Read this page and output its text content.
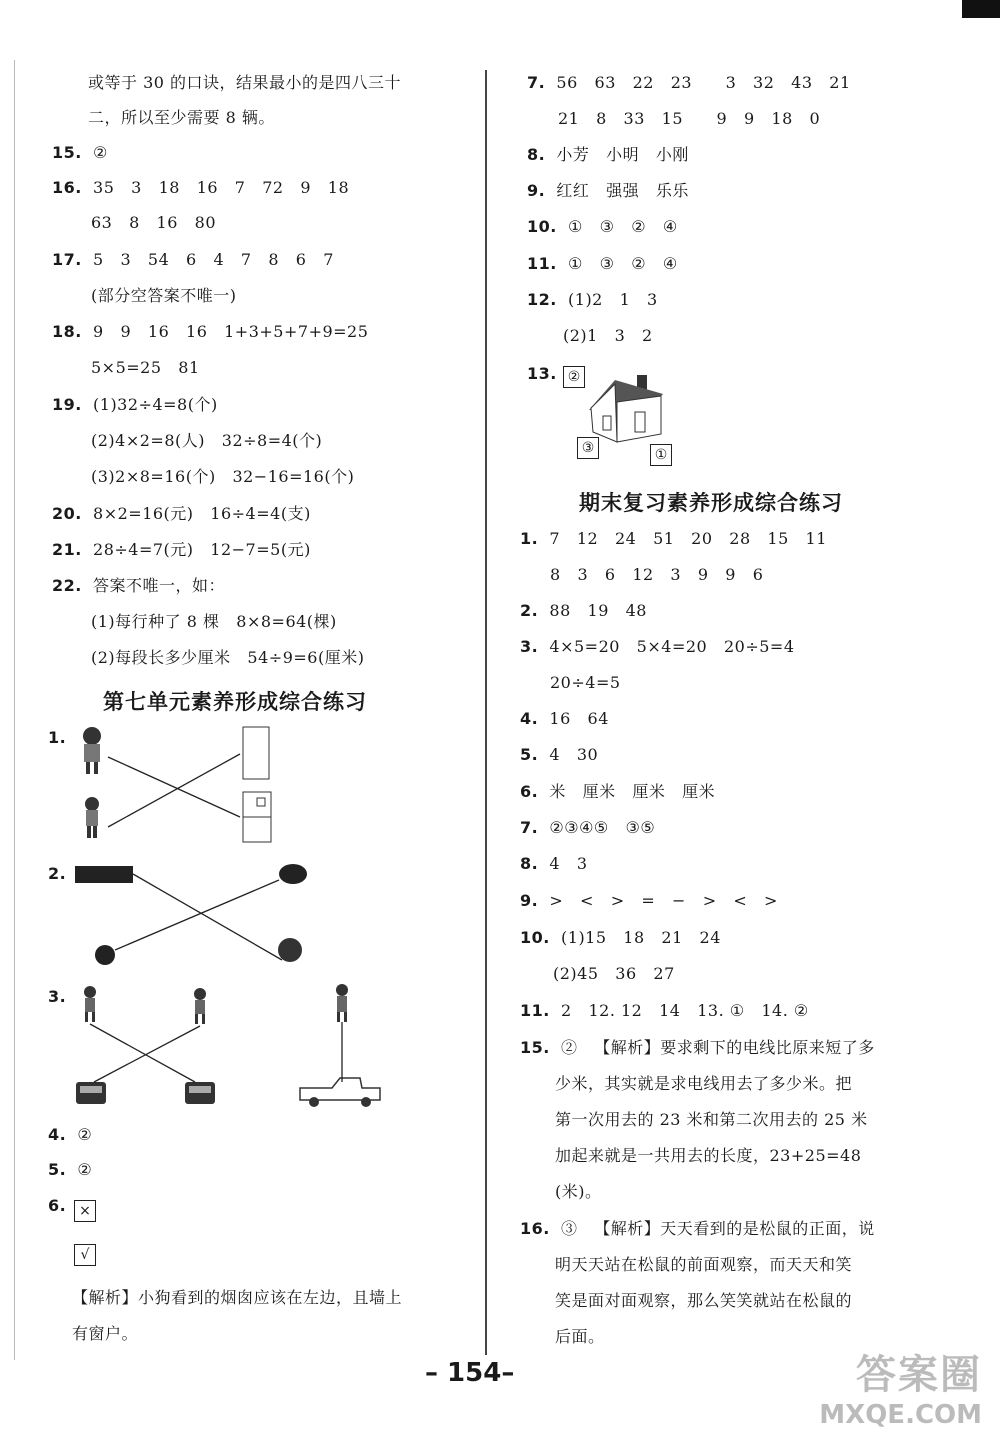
或等于 30 的口诀，结果最小的是四八三十
二，所以至少需要 8 辆。
15. ②
16. 35   3   18   16   7   72   9   18
63   8   16   80
17. 5   3   54   6   4   7   8   6   7
(部分空答案不唯一)
18. 9   9   16   16   1+3+5+7+9=25
5×5=25   81
19. (1)32÷4=8(个)
(2)4×2=8(人)   32÷8=4(个)
(3)2×8=16(个)   32−16=16(个)
20. 8×2=16(元)   16÷4=4(支)
21. 28÷4=7(元)   12−7=5(元)
22. 答案不唯一，如：
(1)每行种了 8 棵   8×8=64(棵)
(2)每段长多少厘米   54÷9=6(厘米)
第七单元素养形成综合练习
1.
2.
3.
4. ②
5. ②
6. ×
√
【解析】小狗看到的烟囱应该在左边，且墙上
有窗户。
7. 56   63   22   23      3   32   43   21
21   8   33   15      9   9   18   0
8. 小芳   小明   小刚
9. 红红   强强   乐乐
10. ①   ③   ②   ④
11. ①   ③   ②   ④
12. (1)2   1   3
(2)1   3   2
13. ②
③	①
期末复习素养形成综合练习
1. 7   12   24   51   20   28   15   11
8   3   6   12   3   9   9   6
2. 88   19   48
3. 4×5=20   5×4=20   20÷5=4
20÷4=5
4. 16   64
5. 4   30
6. 米   厘米   厘米   厘米
7. ②③④⑤   ③⑤
8. 4   3
9. >   <   >   =   −   >   <   >
10. (1)15   18   21   24
(2)45   36   27
11. 2   12. 12   14   13. ①   14. ②
15. ②   【解析】要求剩下的电线比原来短了多
少米，其实就是求电线用去了多少米。把
第一次用去的 23 米和第二次用去的 25 米
加起来就是一共用去的长度，23+25=48
(米)。
16. ③   【解析】天天看到的是松鼠的正面，说
明天天站在松鼠的前面观察，而天天和笑
笑是面对面观察，那么笑笑就站在松鼠的
后面。
– 154–	答案圈
MXQE.COM
